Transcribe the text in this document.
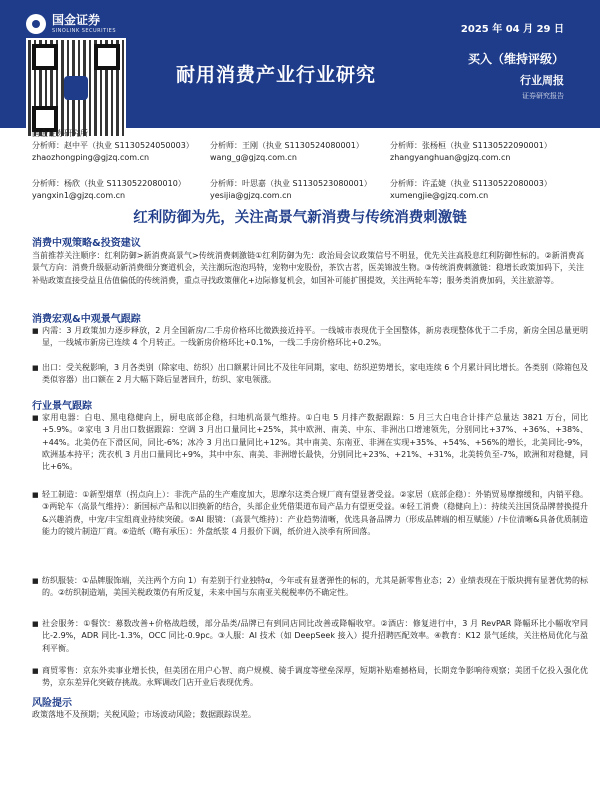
国金证券
SINOLINK SECURITIES	2025 年 04 月 29 日
耐用消费产业行业研究
买入（维持评级）
行业周报
证券研究报告
国金证券研究所
分析师：赵中平（执业 S1130524050003）
zhaozhongping@gjzq.com.cn
分析师：王刚（执业 S1130524080001）
wang_g@gjzq.com.cn
分析师：张杨桓（执业 S1130522090001）
zhangyanghuan@gjzq.com.cn
分析师：杨欣（执业 S1130522080010）
yangxin1@gjzq.com.cn
分析师：叶思嘉（执业 S1130523080001）
yesijia@gjzq.com.cn
分析师：许孟婕（执业 S1130522080003）
xumengjie@gjzq.com.cn
红利防御为先，关注高景气新消费与传统消费刺激链
消费中观策略&投资建议
当前推荐关注顺序：红利防御>新消费高景气>传统消费刺激链①红利防御为先：政治局会议政策信号不明显，优先关注高股息红利防御性标的。②新消费高景气方向：消费升级驱动新消费细分赛道机会，关注潮玩泡泡玛特，宠物中宠股份，茶饮古茗，医美锦波生物。③传统消费刺激链：稳增长政策加码下，关注补贴政策直接受益且估值偏低的传统消费，重点寻找政策催化+边际修复机会，如国补可能扩围提效，关注两轮车等；服务类消费加码，关注旅游等。
消费宏观&中观景气跟踪
■ 内需：3 月政策加力逐步释放，2 月全国新房/二手房价格环比微跌接近持平。一线城市表现优于全国整体，新房表现整体优于二手房，新房全国总量更明显，一线城市新房已连续 4 个月转正。一线新房价格环比+0.1%，一线二手房价格环比+0.2%。
■ 出口：受关税影响，3 月各类别（除家电、纺织）出口额累计同比不及往年同期，家电、纺织逆势增长，家电连续 6 个月累计同比增长。各类别（除箱包及类似容器）出口额在 2 月大幅下降后显著回升，纺织、家电领涨。
行业景气跟踪
■ 家用电器：白电、黑电稳健向上，厨电底部企稳，扫地机高景气维持。①白电 5 月排产数据跟踪：5 月三大白电合计排产总量达 3821 万台，同比+5.9%。②家电 3 月出口数据跟踪：空调 3 月出口量同比+25%，其中欧洲、南美、中东、非洲出口增速领先，分别同比+37%、+36%、+38%、+44%。北美仍在下滑区间，同比-6%；冰冷 3 月出口量同比+12%。其中南美、东南亚、非洲在实现+35%、+54%、+56%的增长，北美同比-9%，欧洲基本持平；洗衣机 3 月出口量同比+9%，其中中东、南美、非洲增长最快，分别同比+23%、+21%、+31%，北美转负至-7%，欧洲和对稳健，同比+6%。
■ 轻工制造：①新型烟草（拐点向上）：非洗产品的生产难度加大，思摩尔这类合规厂商有望显著受益。②家居（底部企稳）：外销贸易摩擦缓和，内销平稳。③两轮车（高景气维持）：新国标产品和以旧换新的结合，头部企业凭借渠道布局产品力有望更受益。④轻工消费（稳健向上）：持续关注国货品牌替换提升&兴趣消费，中宠/丰宝组商业持续突破。⑤AI 眼镜：（高景气维持）：产业趋势清晰，优选具备品牌力（形成品牌端的相互赋能）/卡位清晰&具备优质制造能力的镜片制造厂商。⑥造纸（略有承压）：外盘纸浆 4 月报价下调，纸价进入淡季有所回落。
■ 纺织服装：①品牌服饰端，关注两个方向 1）有差别于行业独特α，今年或有显著弹性的标的，尤其是新零售业态；2）业绩表现在于版块拥有显著优势的标的。②纺织制造端，美国关税政策仍有所反复，未来中国与东南亚关税税率仍不确定性。
■ 社会服务：①餐饮：募数改善+价格战趋缓，部分品类/品牌已有到同店同比改善或降幅收窄。②酒店：修复进行中，3 月 RevPAR 降幅环比小幅收窄同比-2.9%，ADR 同比-1.3%，OCC 同比-0.9pc。③人服：AI 技术（如 DeepSeek 接入）提升招聘匹配效率。④教育：K12 景气延续，关注格局优化与盈利平衡。
■ 商贸零售：京东外卖事业增长快，但美团在用户心智、商户规模、骑手调度等壁垒深厚，短期补贴难撼格局，长期竞争影响待观察；美团千亿投入强化优势，京东差异化突破存挑战。永辉调改门店开业后表现优秀。
风险提示
政策落地不及预期；关税风险；市场波动风险；数据跟踪误差。
